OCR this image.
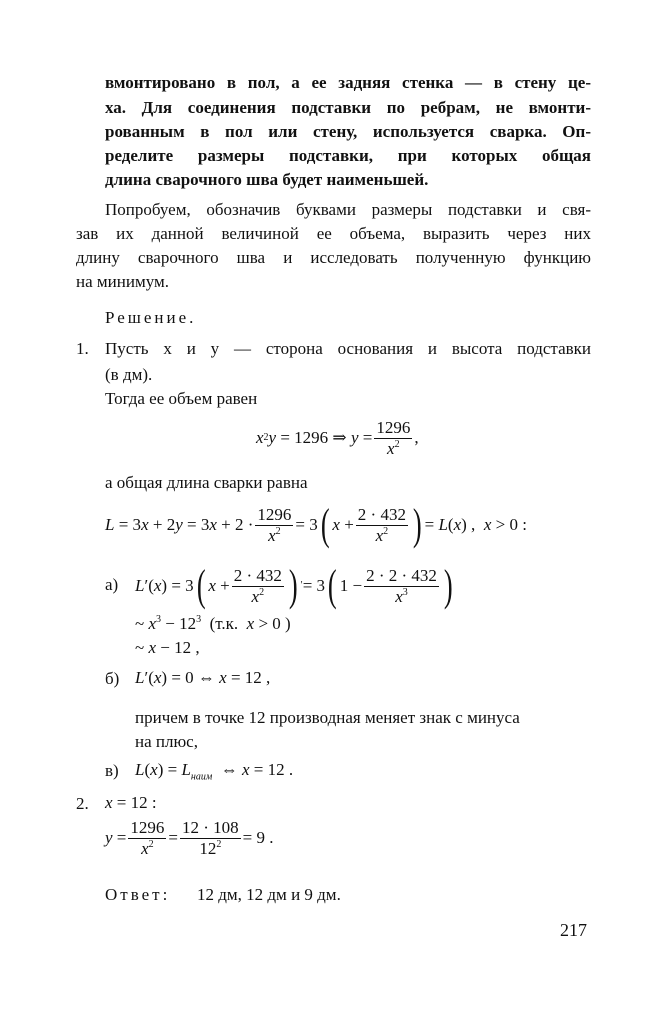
вмонтировано в пол, а ее задняя стенка — в стену це-
ха. Для соединения подставки по ребрам, не вмонти-
рованным в пол или стену, используется сварка. Оп-
ределите размеры подставки, при которых общая
длина сварочного шва будет наименьшей.
Попробуем, обозначив буквами размеры подставки и свя-
зав их данной величиной ее объема, выразить через них
длину сварочного шва и исследовать полученную функцию
на минимум.
Решение.
1. Пусть x и y — сторона основания и высота подставки
(в дм).
Тогда ее объем равен
x 2 y = 1296 ⇒ $y = \frac{1296}{x^2}$ ,
а общая длина сварки равна
L = 3 x + 2 y = 3 $x + 2 \cdot \frac{1296}{x^2} = 3$ ( $x + \frac{2 \cdot 432}{x^2}$ ) = L ( x ) , x > 0 :
а) L ′( x ) = 3 ( $x + \frac{2 \cdot 432}{x^2}$ ) ′ = 3 ( $1 - \frac{2 \cdot 2 \cdot 432}{x^3}$ )
~ $x^3 - 12^3$  (т.к.  x > 0 )
~ x − 12 ,
б) L′(x) = 0 ⇔ x = 12 ,
причем в точке 12 производная меняет знак с минуса
на плюс,
в) $L(x) = L_{наим}$  ⇔ x = 12 .
2. x = 12 :
$y = \frac{1296}{x^2} = \frac{12 \cdot 108}{12^2} = 9$ .
Ответ: 12 дм, 12 дм и 9 дм.
217
